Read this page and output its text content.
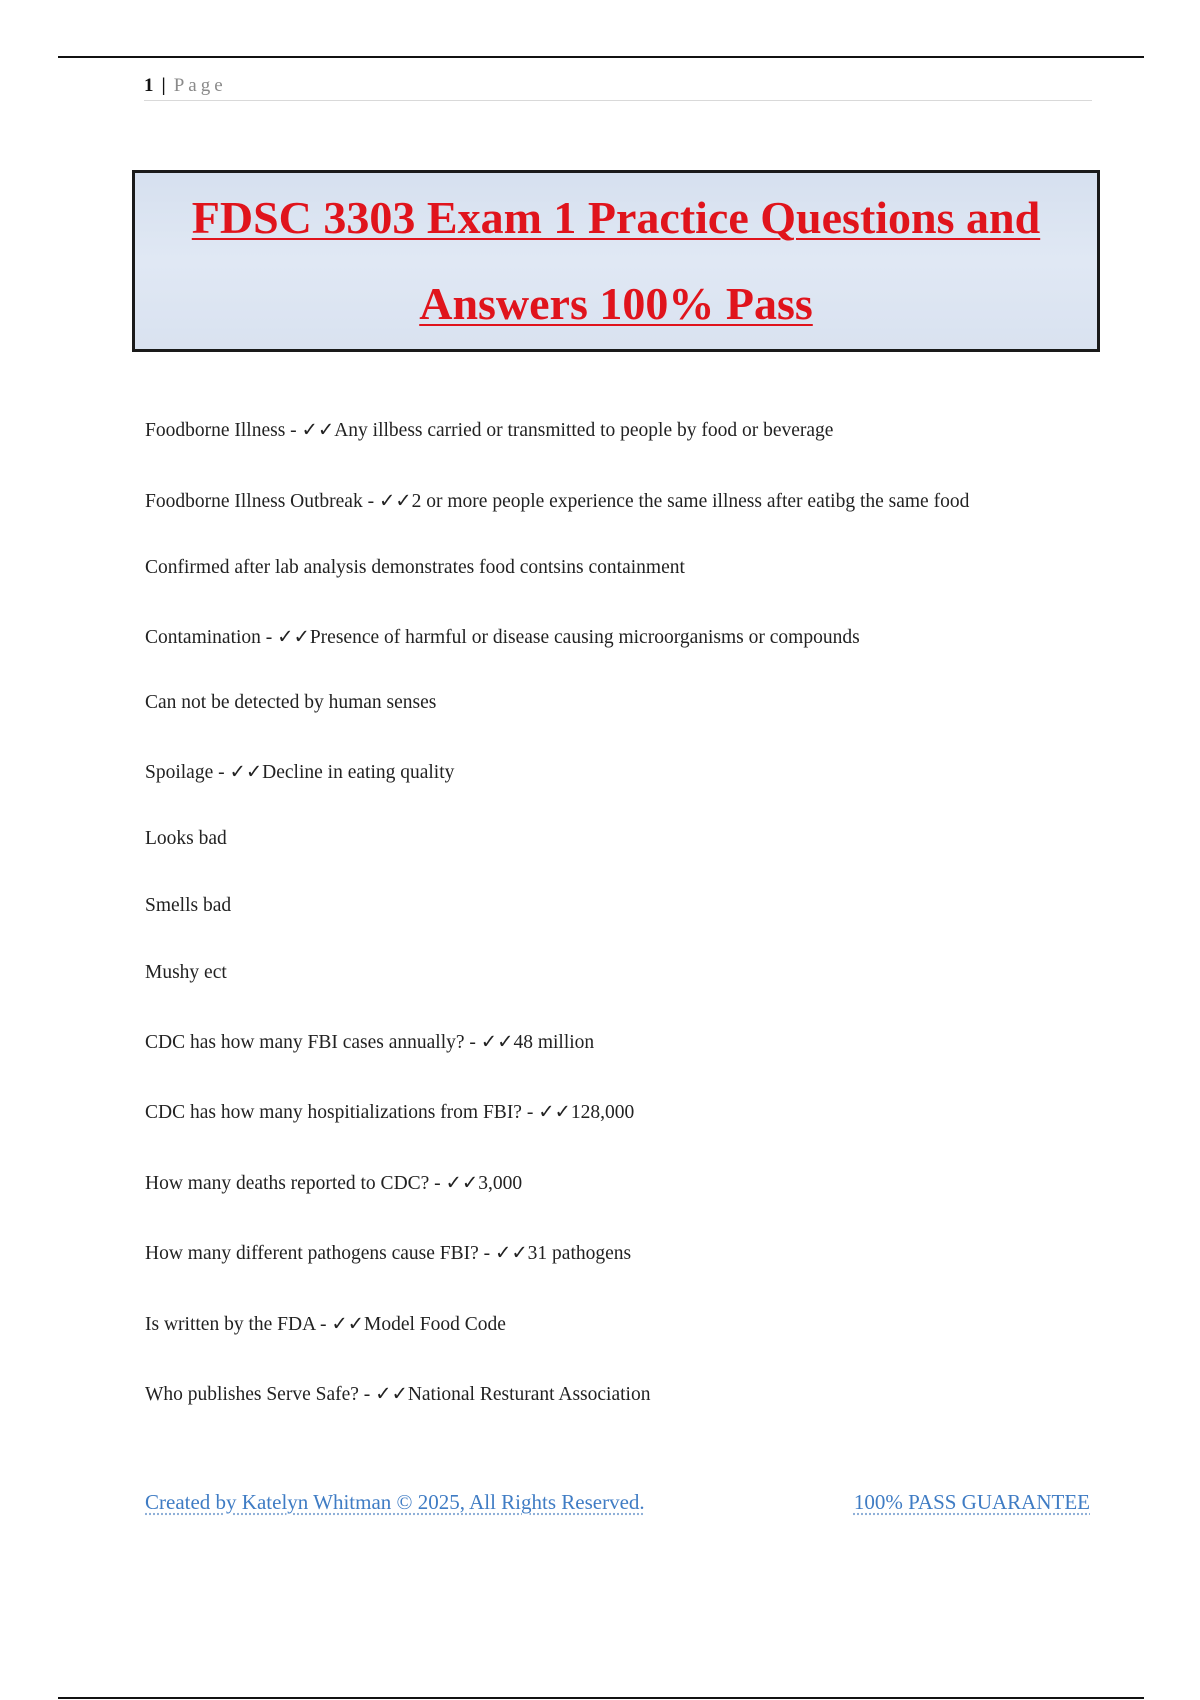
1 | Page
FDSC 3303 Exam 1 Practice Questions and
Answers 100% Pass
Foodborne Illness - ✓✓Any illbess carried or transmitted to people by food or beverage
Foodborne Illness Outbreak - ✓✓2 or more people experience the same illness after eatibg the same food
Confirmed after lab analysis demonstrates food contsins containment
Contamination - ✓✓Presence of harmful or disease causing microorganisms or compounds
Can not be detected by human senses
Spoilage - ✓✓Decline in eating quality
Looks bad
Smells bad
Mushy ect
CDC has how many FBI cases annually? - ✓✓48 million
CDC has how many hospitializations from FBI? - ✓✓128,000
How many deaths reported to CDC? - ✓✓3,000
How many different pathogens cause FBI? - ✓✓31 pathogens
Is written by the FDA - ✓✓Model Food Code
Who publishes Serve Safe? - ✓✓National Resturant Association
Created by Katelyn Whitman © 2025, All Rights Reserved.	100% PASS GUARANTEE
